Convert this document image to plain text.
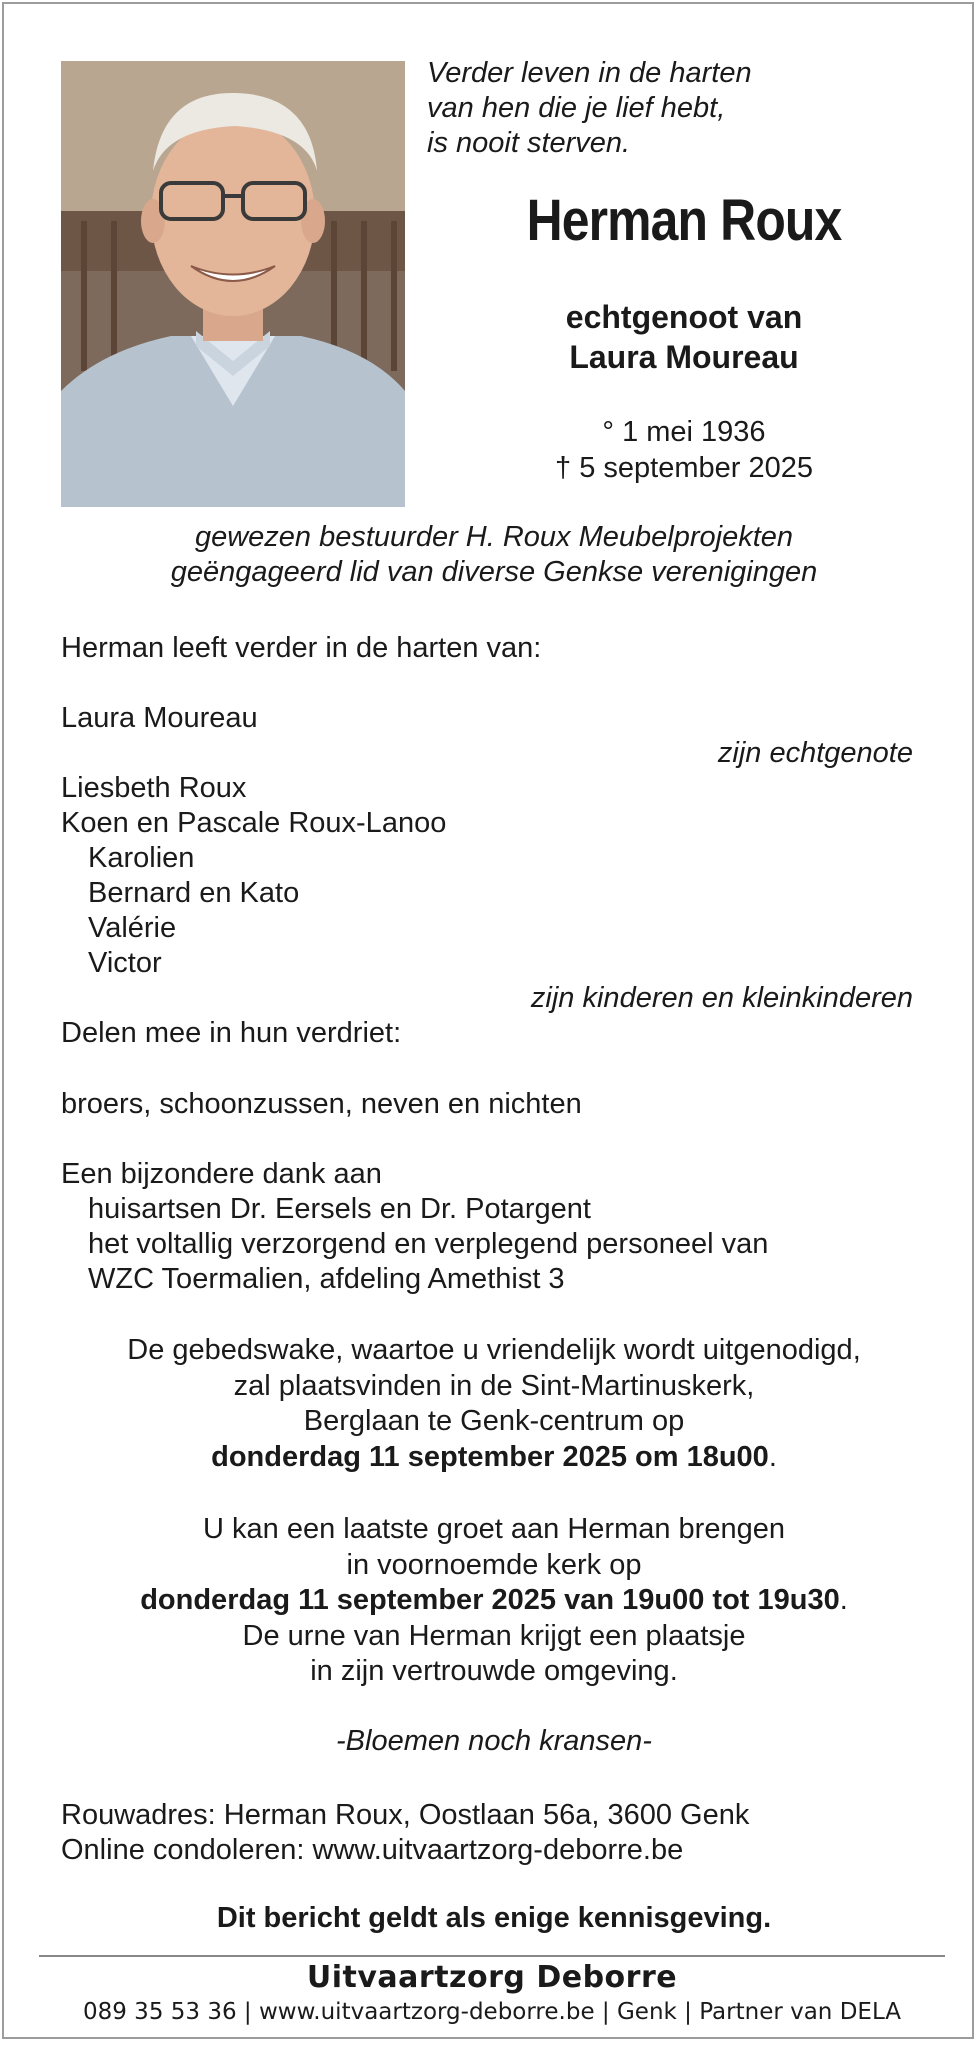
Verder leven in de harten
van hen die je lief hebt,
is nooit sterven.
Herman Roux
echtgenoot van
Laura Moureau
° 1 mei 1936
† 5 september 2025
gewezen bestuurder H. Roux Meubelprojekten
geëngageerd lid van diverse Genkse verenigingen
Herman leeft verder in de harten van:
Laura Moureau
zijn echtgenote
Liesbeth Roux
Koen en Pascale Roux-Lanoo
Karolien
Bernard en Kato
Valérie
Victor
zijn kinderen en kleinkinderen
Delen mee in hun verdriet:
broers, schoonzussen, neven en nichten
Een bijzondere dank aan
huisartsen Dr. Eersels en Dr. Potargent
het voltallig verzorgend en verplegend personeel van
WZC Toermalien, afdeling Amethist 3
De gebedswake, waartoe u vriendelijk wordt uitgenodigd,
zal plaatsvinden in de Sint-Martinuskerk,
Berglaan te Genk-centrum op
donderdag 11 september 2025 om 18u00.
U kan een laatste groet aan Herman brengen
in voornoemde kerk op
donderdag 11 september 2025 van 19u00 tot 19u30.
De urne van Herman krijgt een plaatsje
in zijn vertrouwde omgeving.
-Bloemen noch kransen-
Rouwadres: Herman Roux, Oostlaan 56a, 3600 Genk
Online condoleren: www.uitvaartzorg-deborre.be
Dit bericht geldt als enige kennisgeving.
Uitvaartzorg Deborre
089 35 53 36 | www.uitvaartzorg-deborre.be | Genk | Partner van DELA
